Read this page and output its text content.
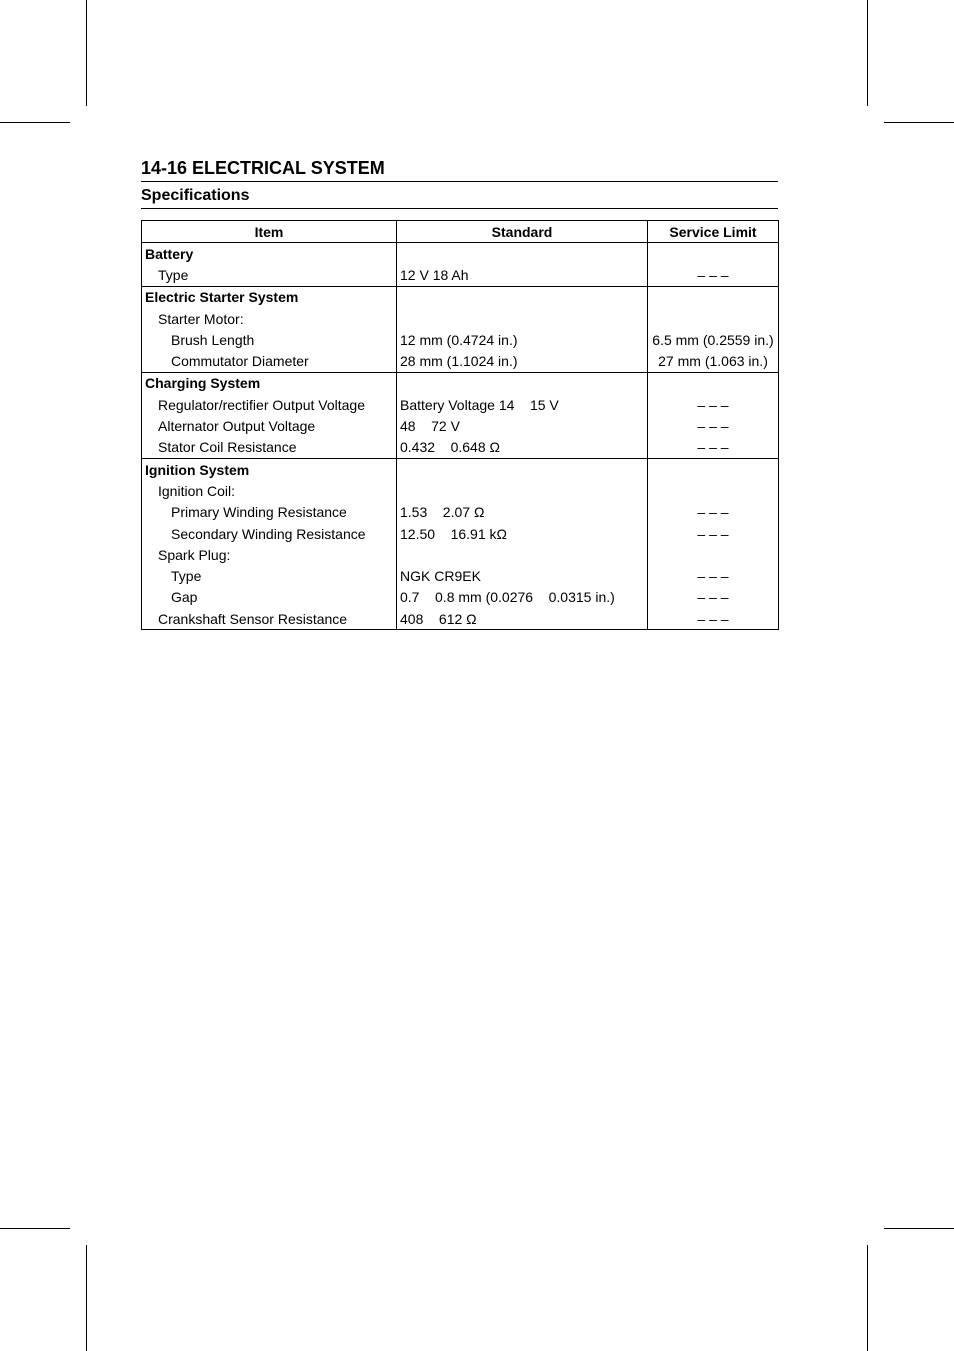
14-16 ELECTRICAL SYSTEM
Specifications
Item	Standard	Service Limit
Battery		
Type	12 V 18 Ah	– – –
Electric Starter System		
Starter Motor:		
Brush Length	12 mm (0.4724 in.)	6.5 mm (0.2559 in.)
Commutator Diameter	28 mm (1.1024 in.)	27 mm (1.063 in.)
Charging System		
Regulator/rectifier Output Voltage	Battery Voltage 14    15 V	– – –
Alternator Output Voltage	48    72 V	– – –
Stator Coil Resistance	0.432    0.648 Ω	– – –
Ignition System		
Ignition Coil:		
Primary Winding Resistance	1.53    2.07 Ω	– – –
Secondary Winding Resistance	12.50    16.91 kΩ	– – –
Spark Plug:		
Type	NGK CR9EK	– – –
Gap	0.7    0.8 mm (0.0276    0.0315 in.)	– – –
Crankshaft Sensor Resistance	408    612 Ω	– – –
